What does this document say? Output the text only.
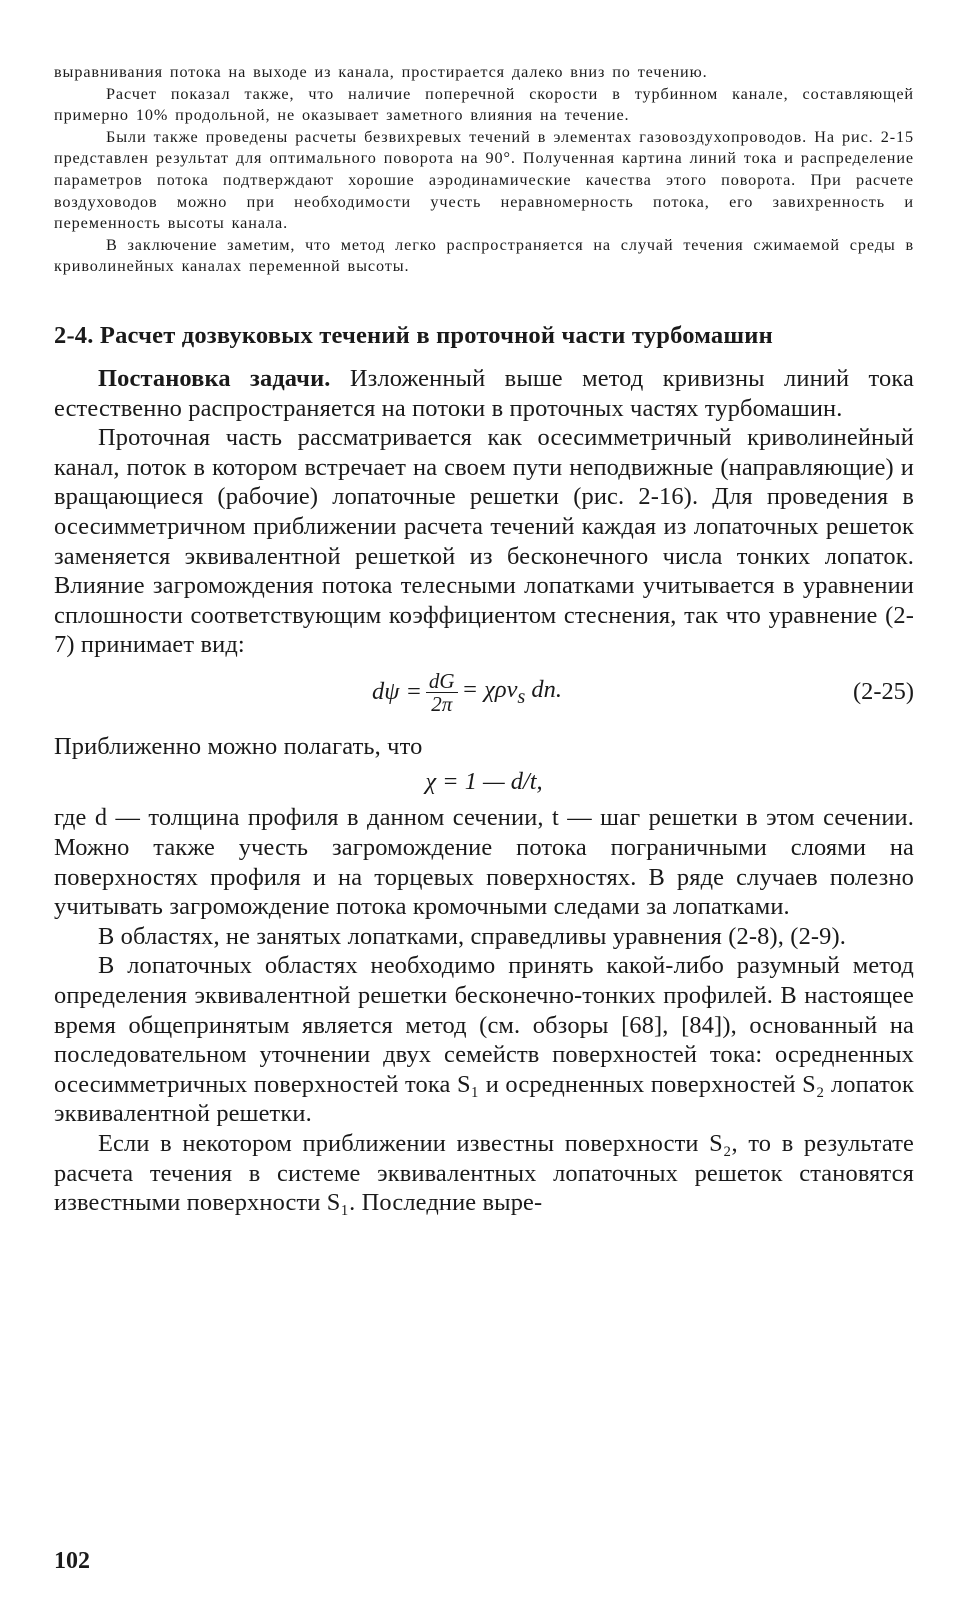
выравнивания потока на выходе из канала, простирается далеко вниз по течению.

Расчет показал также, что наличие поперечной скорости в турбинном канале, составляющей примерно 10% продольной, не оказывает заметного влияния на течение.

Были также проведены расчеты безвихревых течений в элементах газовоздухопроводов. На рис. 2-15 представлен результат для оптимального поворота на 90°. Полученная картина линий тока и распределение параметров потока подтверждают хорошие аэродинамические качества этого поворота. При расчете воздуховодов можно при необходимости учесть неравномерность потока, его завихренность и переменность высоты канала.

В заключение заметим, что метод легко распространяется на случай течения сжимаемой среды в криволинейных каналах переменной высоты.

2-4. Расчет дозвуковых течений в проточной части турбомашин

Постановка задачи. Изложенный выше метод кривизны линий тока естественно распространяется на потоки в проточных частях турбомашин.

Проточная часть рассматривается как осесимметричный криволинейный канал, поток в котором встречает на своем пути неподвижные (направляющие) и вращающиеся (рабочие) лопаточные решетки (рис. 2-16). Для проведения в осесимметричном приближении расчета течений каждая из лопаточных решеток заменяется эквивалентной решеткой из бесконечного числа тонких лопаток. Влияние загромождения потока телесными лопатками учитывается в уравнении сплошности соответствующим коэффициентом стеснения, так что уравнение (2-7) принимает вид:

$d\psi = \frac{dG}{2\pi} = \chi\rho v_s$ dn.	(2-25)

Приближенно можно полагать, что

χ = 1 — d/t,

где d — толщина профиля в данном сечении, t — шаг решетки в этом сечении. Можно также учесть загромождение потока пограничными слоями на поверхностях профиля и на торцевых поверхностях. В ряде случаев полезно учитывать загромождение потока кромочными следами за лопатками.

В областях, не занятых лопатками, справедливы уравнения (2-8), (2-9).

В лопаточных областях необходимо принять какой-либо разумный метод определения эквивалентной решетки бесконечно-тонких профилей. В настоящее время общепринятым является метод (см. обзоры [68], [84]), основанный на последовательном уточнении двух семейств поверхностей тока: осредненных осесимметричных поверхностей тока S₁ и осредненных поверхностей S₂ лопаток эквивалентной решетки.

Если в некотором приближении известны поверхности S₂, то в результате расчета течения в системе эквивалентных лопаточных решеток становятся известными поверхности S₁. Последние выре-

102
